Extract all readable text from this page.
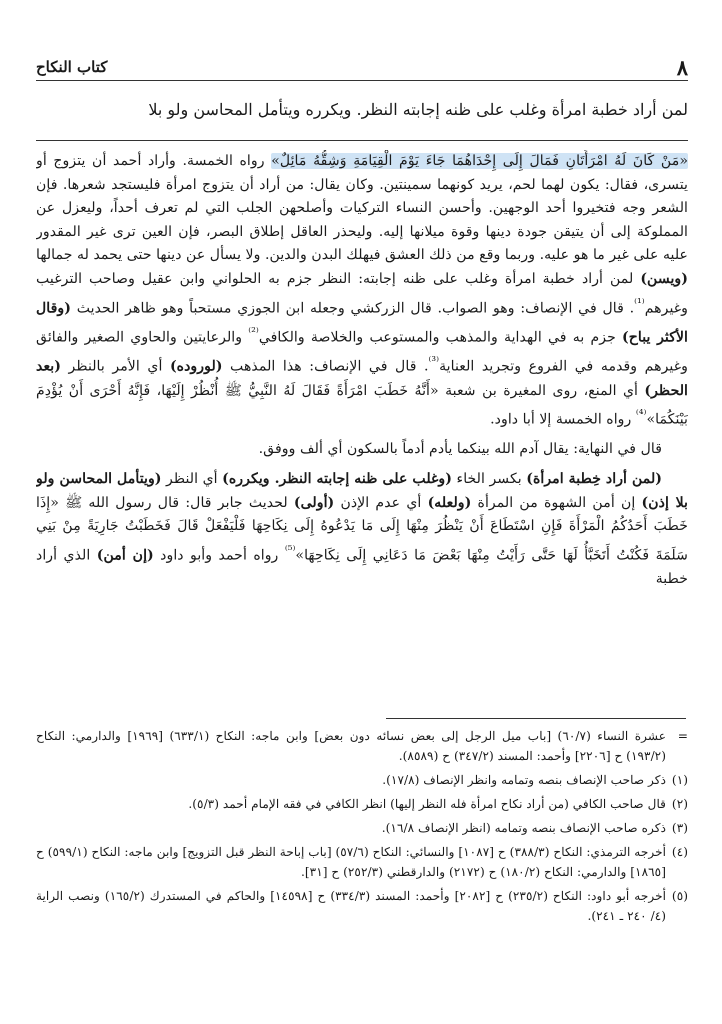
٨
كتاب النكاح
لمن أراد خطبة امرأة وغلب على ظنه إجابته النظر. ويكرره ويتأمل المحاسن ولو بلا

«مَنْ كَانَ لَهُ امْرَأَتَانِ فَمَالَ إِلَى إِحْدَاهُمَا جَاءَ يَوْمَ الْقِيَامَةِ وَشِقُّهُ مَائِلٌ» رواه الخمسة. وأراد أحمد أن يتزوج أو يتسرى، فقال: يكون لهما لحم، يريد كونهما سمينتين. وكان يقال: من أراد أن يتزوج امرأة فليستجد شعرها. فإن الشعر وجه فتخيروا أحد الوجهين. وأحسن النساء التركيات وأصلحهن الجلب التي لم تعرف أحداً، وليعزل عن المملوكة إلى أن يتيقن جودة دينها وقوة ميلانها إليه. وليحذر العاقل إطلاق البصر، فإن العين ترى غير المقدور عليه على غير ما هو عليه. وربما وقع من ذلك العشق فيهلك البدن والدين. ولا يسأل عن دينها حتى يحمد له جمالها (ويسن) لمن أراد خطبة امرأة وغلب على ظنه إجابته: النظر جزم به الحلواني وابن عقيل وصاحب الترغيب وغيرهم$^{^{(1)}}$. قال في الإنصاف: وهو الصواب. قال الزركشي وجعله ابن الجوزي مستحباً وهو ظاهر الحديث (وقال الأكثر يباح) جزم به في الهداية والمذهب والمستوعب والخلاصة والكافي$^{^{(2)}}$ والرعايتين والحاوي الصغير والفائق وغيرهم وقدمه في الفروع وتجريد العناية$^{^{(3)}}$. قال في الإنصاف: هذا المذهب (لوروده) أي الأمر بالنظر (بعد الحظر) أي المنع، روى المغيرة بن شعبة «أَنَّهُ خَطَبَ امْرَأَةً فَقَالَ لَهُ النَّبِيُّ ﷺ أُنْظُرْ إِلَيْهَا، فَإِنَّهُ أَحْرَى أَنْ يُؤْدِمَ بَيْنَكُمَا»$^{^{(4)}}$ رواه الخمسة إلا أبا داود.

قال في النهاية: يقال آدم الله بينكما يأدم أدماً بالسكون أي ألف ووفق.

(لمن أراد خِطبة امرأة) بكسر الخاء (وغلب على ظنه إجابته النظر. ويكرره) أي النظر (ويتأمل المحاسن ولو بلا إذن) إن أمن الشهوة من المرأة (ولعله) أي عدم الإذن (أولى) لحديث جابر قال: قال رسول الله ﷺ «إِذَا خَطَبَ أَحَدُكُمُ الْمَرْأَةَ فَإِنِ اسْتَطَاعَ أَنْ يَنْظُرَ مِنْهَا إِلَى مَا يَدْعُوهُ إِلَى نِكَاحِهَا فَلْيَفْعَلْ قَالَ فَخَطَبْتُ جَارِيَةً مِنْ بَنِي سَلَمَةَ فَكُنْتُ أَتَخَبَّأُ لَهَا حَتَّى رَأَيْتُ مِنْهَا بَعْضَ مَا دَعَانِي إِلَى نِكَاحِهَا»$^{^{(5)}}$ رواه أحمد وأبو داود (إن أمن) الذي أراد خطبة

=
عشرة النساء (٦٠/٧) [باب ميل الرجل إلى بعض نسائه دون بعض] وابن ماجه: النكاح (٦٣٣/١) [١٩٦٩] والدارمي: النكاح (١٩٣/٢) ح [٢٢٠٦] وأحمد: المسند (٣٤٧/٢) ح (٨٥٨٩).
(١)
ذكر صاحب الإنصاف بنصه وتمامه وانظر الإنصاف (١٧/٨).
(٢)
قال صاحب الكافي (من أراد نكاح امرأة فله النظر إليها) انظر الكافي في فقه الإمام أحمد (٥/٣).
(٣)
ذكره صاحب الإنصاف بنصه وتمامه (انظر الإنصاف ١٦/٨).
(٤)
أخرجه الترمذي: النكاح (٣٨٨/٣) ح [١٠٨٧] والنسائي: النكاح (٥٧/٦) [باب إباحة النظر قبل التزويج] وابن ماجه: النكاح (٥٩٩/١) ح [١٨٦٥] والدارمي: النكاح (١٨٠/٢) ح (٢١٧٢) والدارقطني (٢٥٢/٣) ح [٣١].
(٥)
أخرجه أبو داود: النكاح (٢٣٥/٢) ح [٢٠٨٢] وأحمد: المسند (٣٣٤/٣) ح [١٤٥٩٨] والحاكم في المستدرك (١٦٥/٢) ونصب الراية (٤/ ٢٤٠ ـ ٢٤١).
